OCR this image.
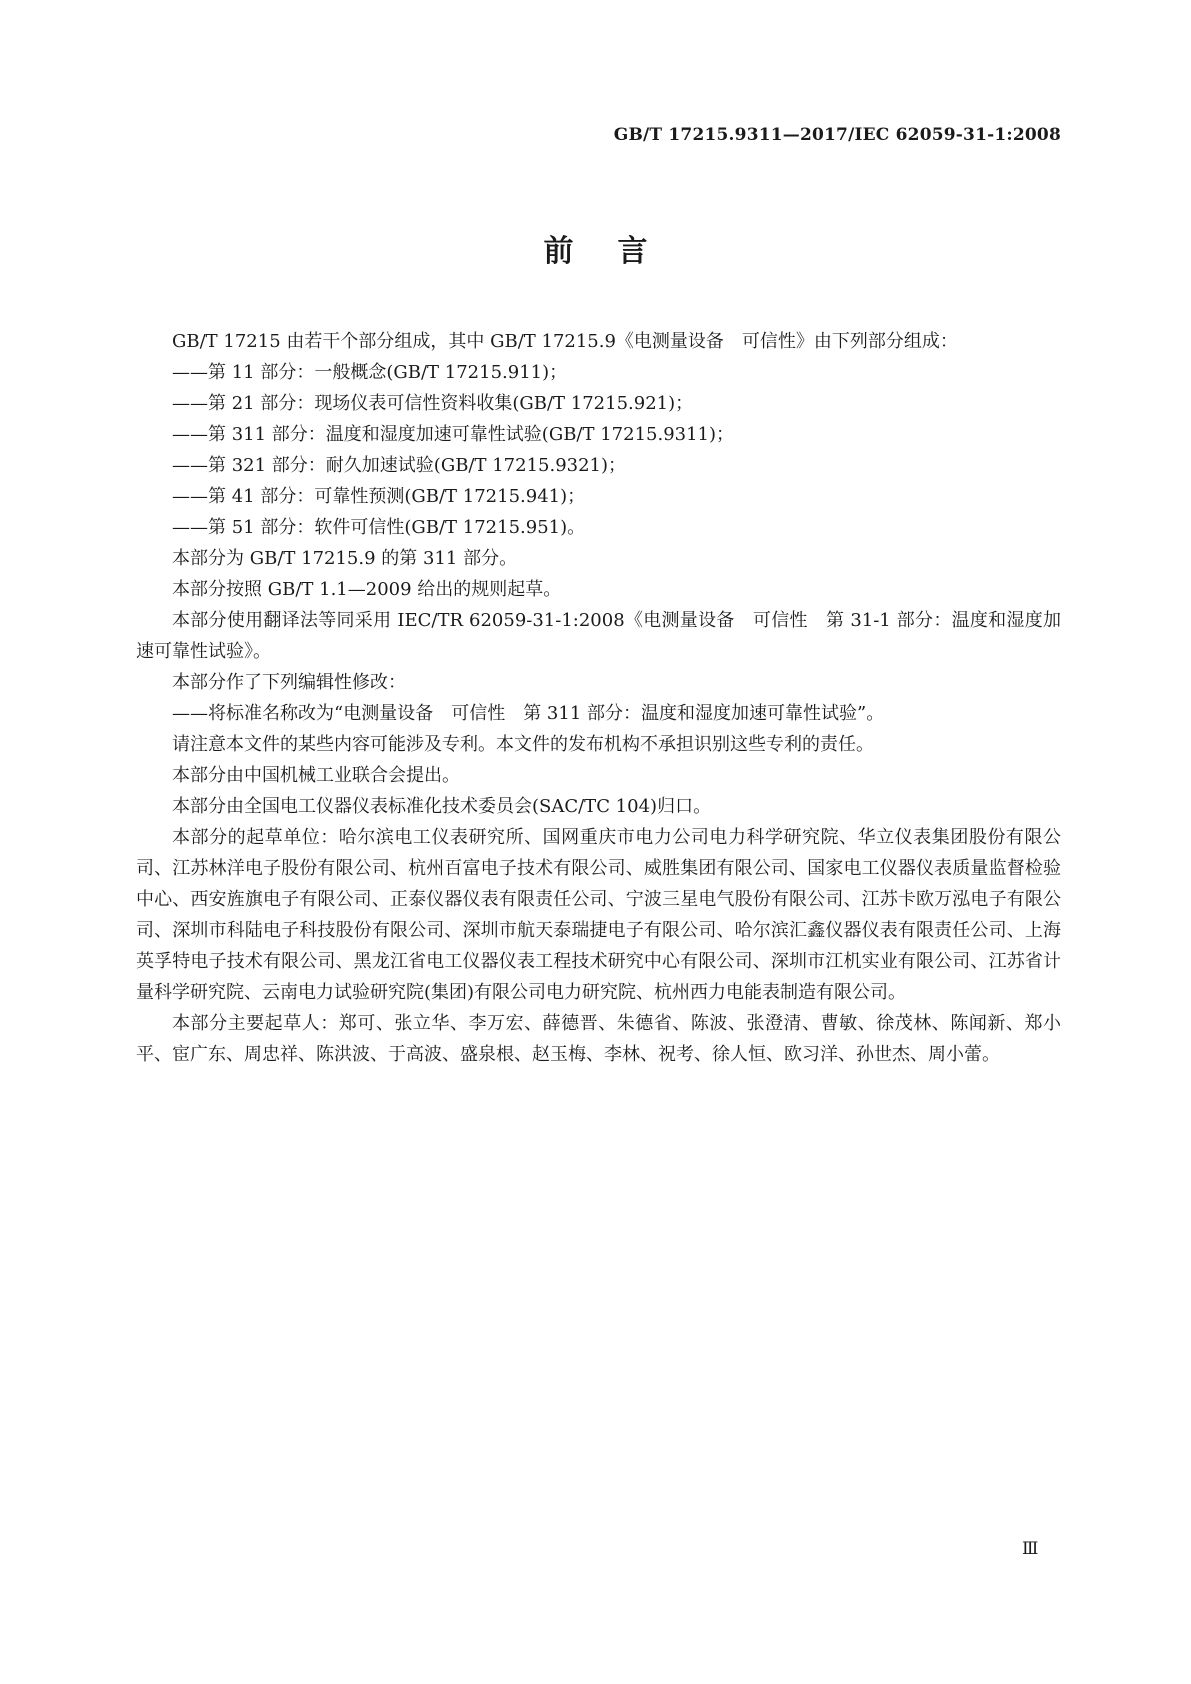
GB/T 17215.9311—2017/IEC 62059-31-1:2008
前言

GB/T 17215 由若干个部分组成，其中 GB/T 17215.9《电测量设备　可信性》由下列部分组成：

——第 11 部分：一般概念(GB/T 17215.911)；

——第 21 部分：现场仪表可信性资料收集(GB/T 17215.921)；

——第 311 部分：温度和湿度加速可靠性试验(GB/T 17215.9311)；

——第 321 部分：耐久加速试验(GB/T 17215.9321)；

——第 41 部分：可靠性预测(GB/T 17215.941)；

——第 51 部分：软件可信性(GB/T 17215.951)。

本部分为 GB/T 17215.9 的第 311 部分。

本部分按照 GB/T 1.1—2009 给出的规则起草。

本部分使用翻译法等同采用 IEC/TR 62059-31-1:2008《电测量设备　可信性　第 31-1 部分：温度和湿度加速可靠性试验》。

本部分作了下列编辑性修改：

——将标准名称改为“电测量设备　可信性　第 311 部分：温度和湿度加速可靠性试验”。

请注意本文件的某些内容可能涉及专利。本文件的发布机构不承担识别这些专利的责任。

本部分由中国机械工业联合会提出。

本部分由全国电工仪器仪表标准化技术委员会(SAC/TC 104)归口。

本部分的起草单位：哈尔滨电工仪表研究所、国网重庆市电力公司电力科学研究院、华立仪表集团股份有限公司、江苏林洋电子股份有限公司、杭州百富电子技术有限公司、威胜集团有限公司、国家电工仪器仪表质量监督检验中心、西安旌旗电子有限公司、正泰仪器仪表有限责任公司、宁波三星电气股份有限公司、江苏卡欧万泓电子有限公司、深圳市科陆电子科技股份有限公司、深圳市航天泰瑞捷电子有限公司、哈尔滨汇鑫仪器仪表有限责任公司、上海英孚特电子技术有限公司、黑龙江省电工仪器仪表工程技术研究中心有限公司、深圳市江机实业有限公司、江苏省计量科学研究院、云南电力试验研究院(集团)有限公司电力研究院、杭州西力电能表制造有限公司。

本部分主要起草人：郑可、张立华、李万宏、薛德晋、朱德省、陈波、张澄清、曹敏、徐茂林、陈闻新、郑小平、宦广东、周忠祥、陈洪波、于高波、盛泉根、赵玉梅、李林、祝考、徐人恒、欧习洋、孙世杰、周小蕾。

Ⅲ
